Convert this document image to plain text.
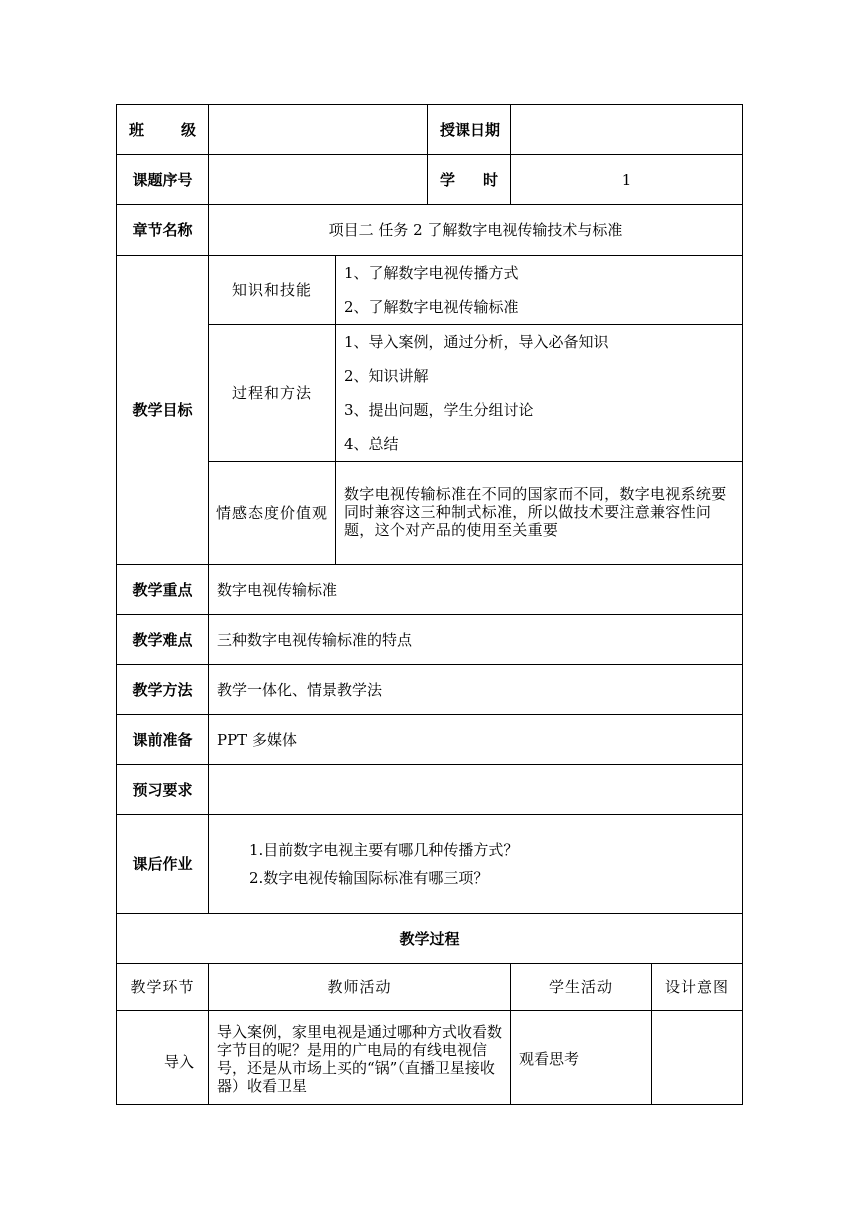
班 级			授课日期		
课题序号			学 时	1	
章节名称	项目二 任务 2 了解数字电视传输技术与标准				
教学目标	知识和技能	1、了解数字电视传播方式
2、了解数字电视传输标准			

	过程和方法	1、导入案例，通过分析，导入必备知识
2、知识讲解
3、提出问题，学生分组讨论
4、总结			

	情感态度价值观	数字电视传输标准在不同的国家而不同，数字电视系统要同时兼容这三种制式标准，所以做技术要注意兼容性问题，这个对产品的使用至关重要			
教学重点	数字电视传输标准				
教学难点	三种数字电视传输标准的特点				
教学方法	教学一体化、情景教学法				
课前准备	PPT 多媒体				
预习要求					
课后作业	1.目前数字电视主要有哪几种传播方式？
2.数字电视传输国际标准有哪三项？				

教学过程					
教学环节	教师活动			学生活动	设计意图
导入	导入案例，家里电视是通过哪种方式收看数字节目的呢？是用的广电局的有线电视信号，还是从市场上买的“锅”（直播卫星接收器）收看卫星			观看思考	
